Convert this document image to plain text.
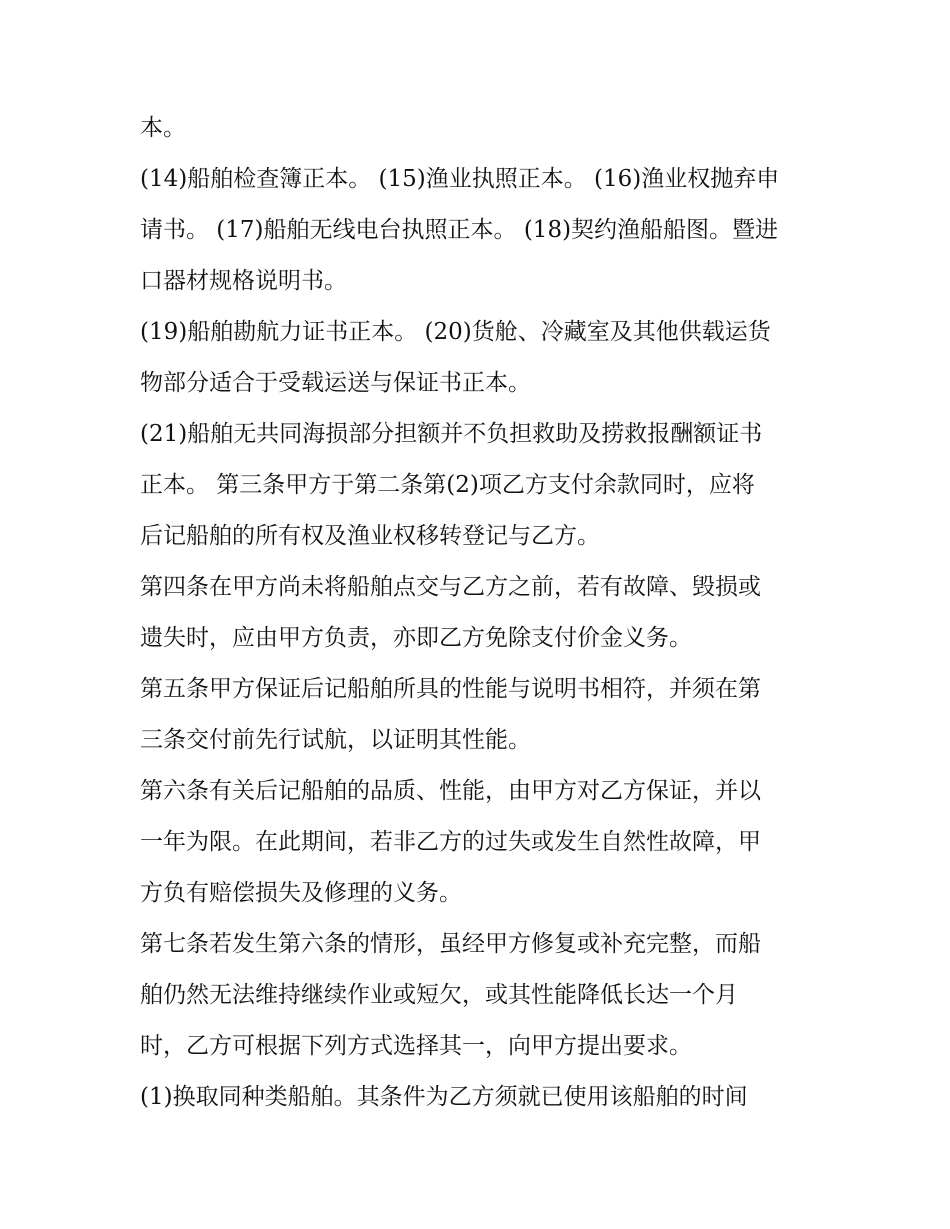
本。
(14)船舶检查簿正本。 (15)渔业执照正本。 (16)渔业权抛弃申
请书。 (17)船舶无线电台执照正本。 (18)契约渔船船图。暨进
口器材规格说明书。
(19)船舶勘航力证书正本。 (20)货舱、冷藏室及其他供载运货
物部分适合于受载运送与保证书正本。
(21)船舶无共同海损部分担额并不负担救助及捞救报酬额证书
正本。 第三条甲方于第二条第(2)项乙方支付余款同时，应将
后记船舶的所有权及渔业权移转登记与乙方。
第四条在甲方尚未将船舶点交与乙方之前，若有故障、毁损或
遗失时，应由甲方负责，亦即乙方免除支付价金义务。
第五条甲方保证后记船舶所具的性能与说明书相符，并须在第
三条交付前先行试航，以证明其性能。
第六条有关后记船舶的品质、性能，由甲方对乙方保证，并以
一年为限。在此期间，若非乙方的过失或发生自然性故障，甲
方负有赔偿损失及修理的义务。
第七条若发生第六条的情形，虽经甲方修复或补充完整，而船
舶仍然无法维持继续作业或短欠，或其性能降低长达一个月
时，乙方可根据下列方式选择其一，向甲方提出要求。
(1)换取同种类船舶。其条件为乙方须就已使用该船舶的时间
